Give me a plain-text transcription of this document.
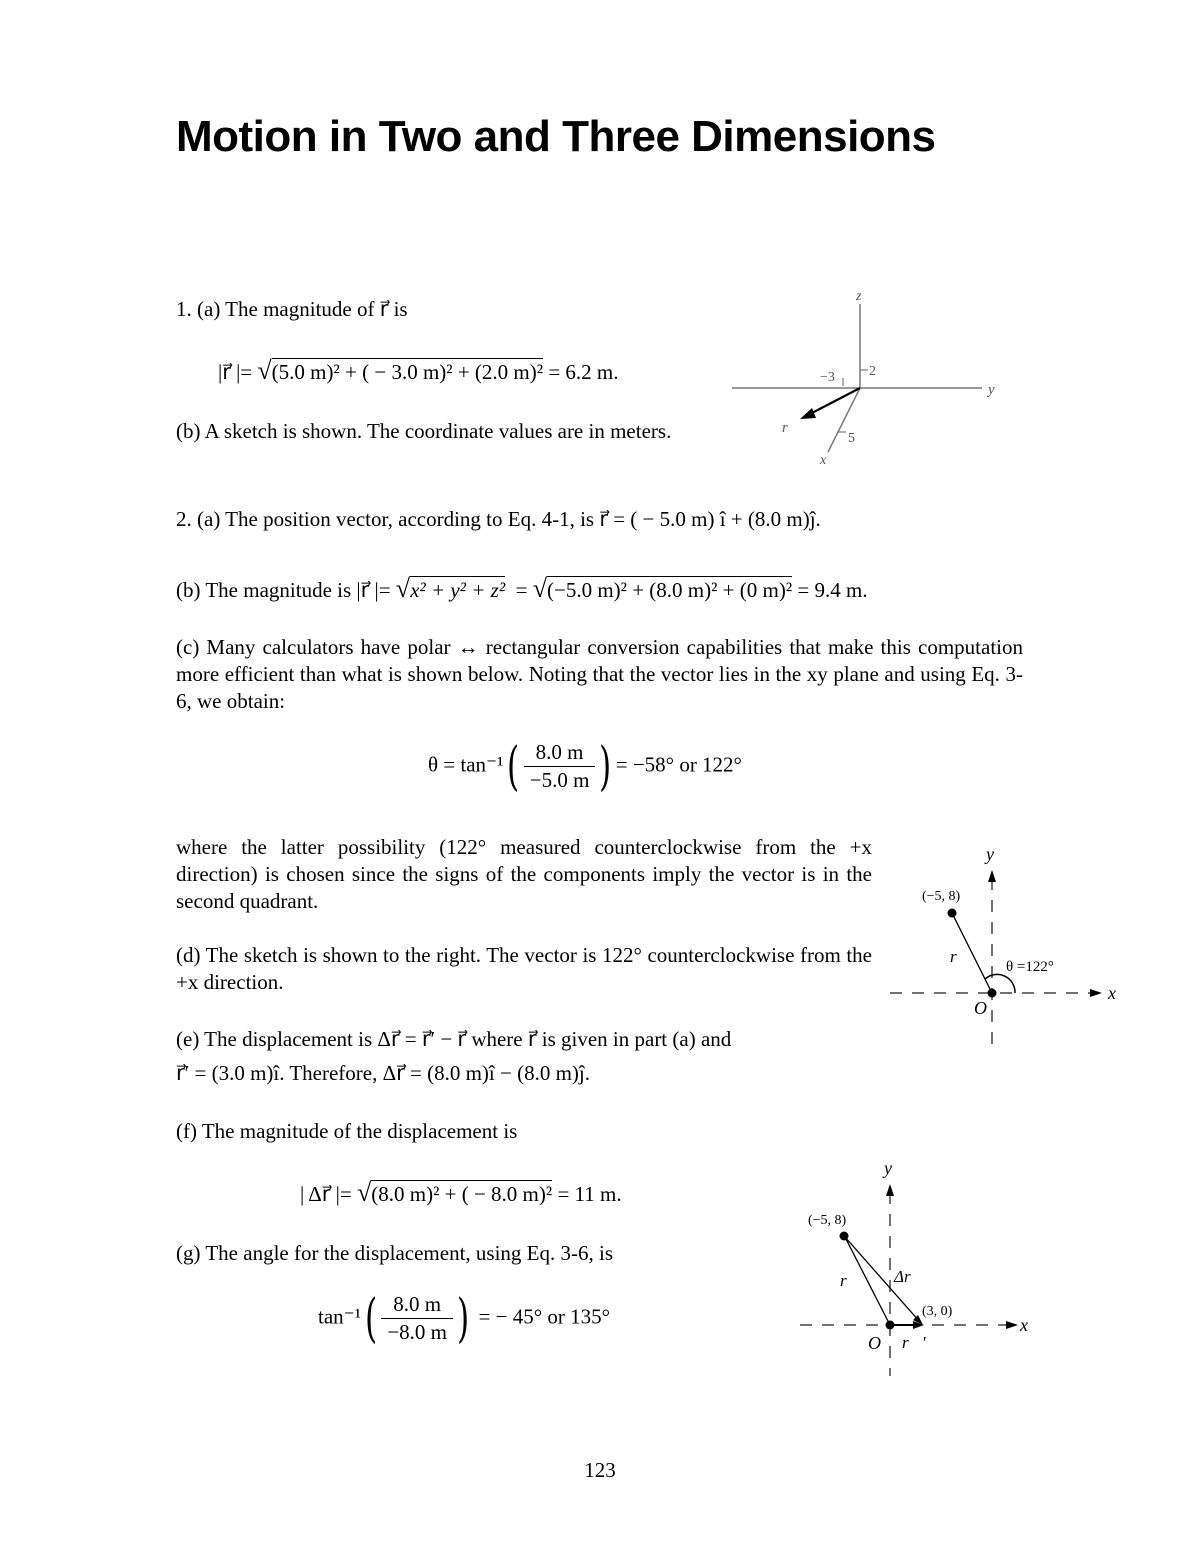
Motion in Two and Three Dimensions
1. (a) The magnitude of r⃗ is
|r⃗ |= √(5.0 m)² + ( − 3.0 m)² + (2.0 m)² = 6.2 m.
(b) A sketch is shown. The coordinate values are in meters.
z
y
x
−3 2
5
r⃗
2. (a) The position vector, according to Eq. 4-1, is r⃗ = ( − 5.0 m) î + (8.0 m)ĵ.
(b) The magnitude is |r⃗ |= √x² + y² + z² = √(−5.0 m)² + (8.0 m)² + (0 m)² = 9.4 m.
(c) Many calculators have polar ↔ rectangular conversion capabilities that make this computation more efficient than what is shown below. Noting that the vector lies in the xy plane and using Eq. 3-6, we obtain:
$\theta = \tan^{-1}( \frac{8.0 m}{-5.0 m}$ ) = −58° or 122°
where the latter possibility (122° measured counterclockwise from the +x direction) is chosen since the signs of the components imply the vector is in the second quadrant.
(d) The sketch is shown to the right. The vector is 122° counterclockwise from the +x direction.
y
x
O
(−5, 8)
r⃗
θ =122°
(e) The displacement is Δr⃗ = r⃗′ − r⃗ where r⃗ is given in part (a) and
r⃗′ = (3.0 m)î. Therefore, Δr⃗ = (8.0 m)î − (8.0 m)ĵ.
(f) The magnitude of the displacement is
| Δr⃗ |= √(8.0 m)² + ( − 8.0 m)² = 11 m.
(g) The angle for the displacement, using Eq. 3-6, is
$\tan^{-1}( \frac{8.0 m}{-8.0 m}$ ) = − 45° or 135°
y
x
O
(−5, 8)
(3, 0)
r⃗ Δr⃗
r⃗′
123
